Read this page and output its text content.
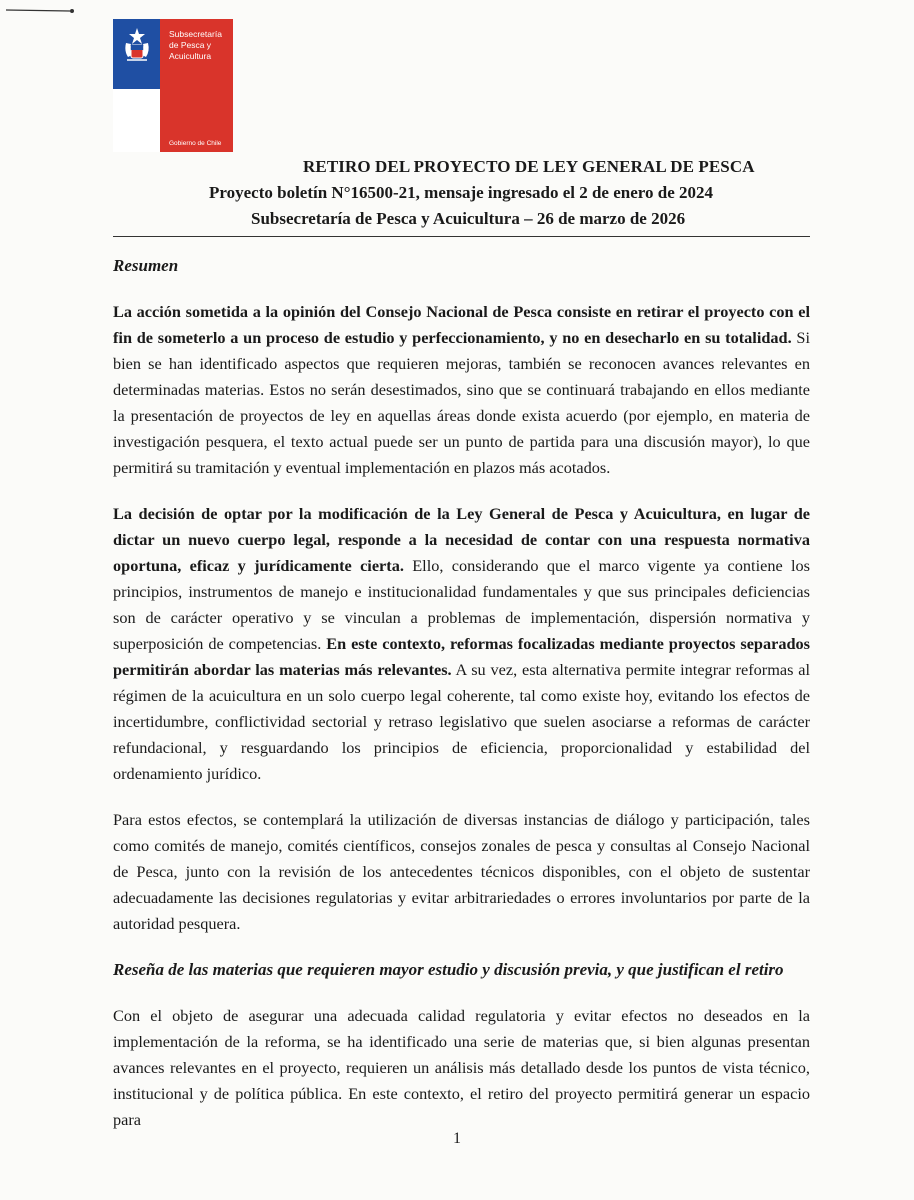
Subsecretaría
de Pesca y
Acuicultura
Gobierno de Chile
RETIRO DEL PROYECTO DE LEY GENERAL DE PESCA
Proyecto boletín N°16500-21, mensaje ingresado el 2 de enero de 2024
Subsecretaría de Pesca y Acuicultura – 26 de marzo de 2026
Resumen

La acción sometida a la opinión del Consejo Nacional de Pesca consiste en retirar el proyecto con el fin de someterlo a un proceso de estudio y perfeccionamiento, y no en desecharlo en su totalidad. Si bien se han identificado aspectos que requieren mejoras, también se reconocen avances relevantes en determinadas materias. Estos no serán desestimados, sino que se continuará trabajando en ellos mediante la presentación de proyectos de ley en aquellas áreas donde exista acuerdo (por ejemplo, en materia de investigación pesquera, el texto actual puede ser un punto de partida para una discusión mayor), lo que permitirá su tramitación y eventual implementación en plazos más acotados.

La decisión de optar por la modificación de la Ley General de Pesca y Acuicultura, en lugar de dictar un nuevo cuerpo legal, responde a la necesidad de contar con una respuesta normativa oportuna, eficaz y jurídicamente cierta. Ello, considerando que el marco vigente ya contiene los principios, instrumentos de manejo e institucionalidad fundamentales y que sus principales deficiencias son de carácter operativo y se vinculan a problemas de implementación, dispersión normativa y superposición de competencias. En este contexto, reformas focalizadas mediante proyectos separados permitirán abordar las materias más relevantes. A su vez, esta alternativa permite integrar reformas al régimen de la acuicultura en un solo cuerpo legal coherente, tal como existe hoy, evitando los efectos de incertidumbre, conflictividad sectorial y retraso legislativo que suelen asociarse a reformas de carácter refundacional, y resguardando los principios de eficiencia, proporcionalidad y estabilidad del ordenamiento jurídico.

Para estos efectos, se contemplará la utilización de diversas instancias de diálogo y participación, tales como comités de manejo, comités científicos, consejos zonales de pesca y consultas al Consejo Nacional de Pesca, junto con la revisión de los antecedentes técnicos disponibles, con el objeto de sustentar adecuadamente las decisiones regulatorias y evitar arbitrariedades o errores involuntarios por parte de la autoridad pesquera.

Reseña de las materias que requieren mayor estudio y discusión previa, y que justifican el retiro

Con el objeto de asegurar una adecuada calidad regulatoria y evitar efectos no deseados en la implementación de la reforma, se ha identificado una serie de materias que, si bien algunas presentan avances relevantes en el proyecto, requieren un análisis más detallado desde los puntos de vista técnico, institucional y de política pública. En este contexto, el retiro del proyecto permitirá generar un espacio para

1
